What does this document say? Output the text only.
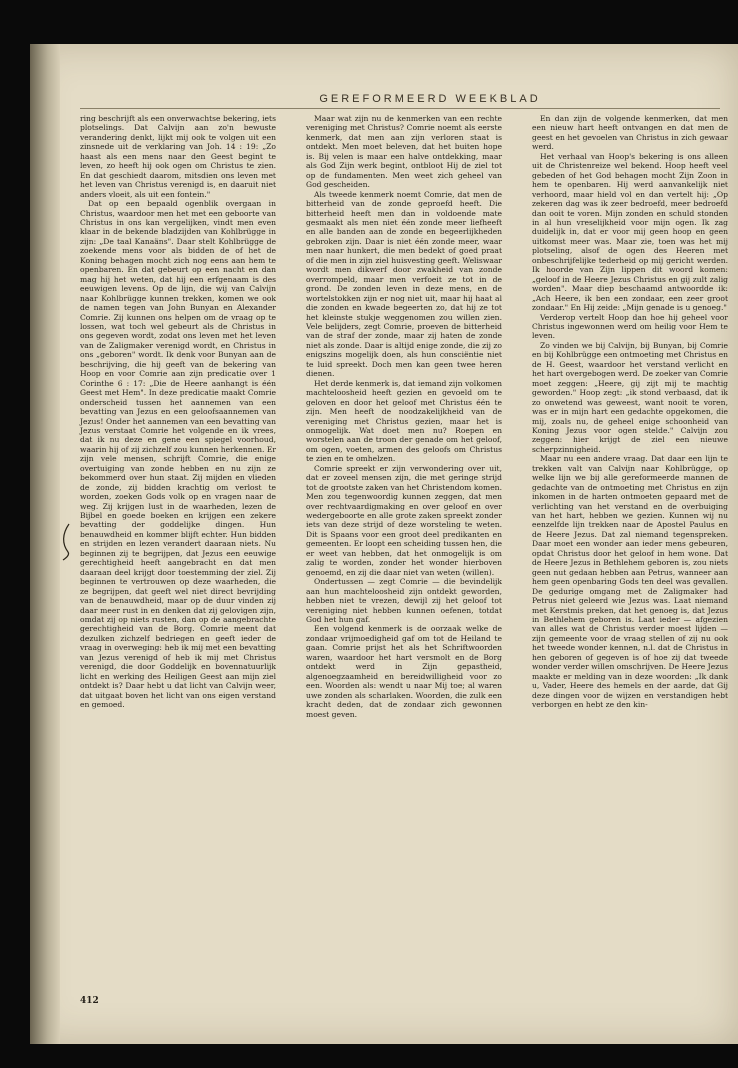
GEREFORMEERD WEEKBLAD

ring beschrijft als een onverwachtse bekering, iets plotselings. Dat Calvijn aan zo'n bewuste verandering denkt, lijkt mij ook te volgen uit een zinsnede uit de verklaring van Joh. 14 : 19: „Zo haast als een mens naar den Geest begint te leven, zo heeft hij ook ogen om Christus te zien. En dat geschiedt daarom, mitsdien ons leven met het leven van Christus verenigd is, en daaruit niet anders vloeit, als uit een fontein."

Dat op een bepaald ogenblik overgaan in Christus, waardoor men het met een geboorte van Christus in ons kan vergelijken, vindt men even klaar in de bekende bladzijden van Kohlbrügge in zijn: „De taal Kanaäns". Daar stelt Kohlbrügge de zoekende mens voor als bidden de of het de Koning behagen mocht zich nog eens aan hem te openbaren. En dat gebeurt op een nacht en dan mag hij het weten, dat hij een erfgenaam is des eeuwigen levens. Op de lijn, die wij van Calvijn naar Kohlbrügge kunnen trekken, komen we ook de namen tegen van John Bunyan en Alexander Comrie. Zij kunnen ons helpen om de vraag op te lossen, wat toch wel gebeurt als de Christus in ons gegeven wordt, zodat ons leven met het leven van de Zaligmaker verenigd wordt, en Christus in ons „geboren" wordt. Ik denk voor Bunyan aan de beschrijving, die hij geeft van de bekering van Hoop en voor Comrie aan zijn predicatie over 1 Corinthe 6 : 17: „Die de Heere aanhangt is één Geest met Hem". In deze predicatie maakt Comrie onderscheid tussen het aannemen van een bevatting van Jezus en een geloofsaannemen van Jezus! Onder het aannemen van een bevatting van Jezus verstaat Comrie het volgende en ik vrees, dat ik nu deze en gene een spiegel voorhoud, waarin hij of zij zichzelf zou kunnen herkennen. Er zijn vele mensen, schrijft Comrie, die enige overtuiging van zonde hebben en nu zijn ze bekommerd over hun staat. Zij mijden en vlieden de zonde, zij bidden krachtig om verlost te worden, zoeken Gods volk op en vragen naar de weg. Zij krijgen lust in de waarheden, lezen de Bijbel en goede boeken en krijgen een zekere bevatting der goddelijke dingen. Hun benauwdheid en kommer blijft echter. Hun bidden en strijden en lezen verandert daaraan niets. Nu beginnen zij te begrijpen, dat Jezus een eeuwige gerechtigheid heeft aangebracht en dat men daaraan deel krijgt door toestemming der ziel. Zij beginnen te vertrouwen op deze waarheden, die ze begrijpen, dat geeft wel niet direct bevrijding van de benauwdheid, maar op de duur vinden zij daar meer rust in en denken dat zij gelovigen zijn, omdat zij op niets rusten, dan op de aangebrachte gerechtigheid van de Borg. Comrie meent dat dezulken zichzelf bedriegen en geeft ieder de vraag in overweging: heb ik mij met een bevatting van Jezus verenigd of heb ik mij met Christus verenigd, die door Goddelijk en bovennatuurlijk licht en werking des Heiligen Geest aan mijn ziel ontdekt is? Daar hebt u dat licht van Calvijn weer, dat uitgaat boven het licht van ons eigen verstand en gemoed.

Maar wat zijn nu de kenmerken van een rechte vereniging met Christus? Comrie noemt als eerste kenmerk, dat men aan zijn verloren staat is ontdekt. Men moet beleven, dat het buiten hope is. Bij velen is maar een halve ontdekking, maar als God Zijn werk begint, ontbloot Hij de ziel tot op de fundamenten. Men weet zich geheel van God gescheiden.

Als tweede kenmerk noemt Comrie, dat men de bitterheid van de zonde geproefd heeft. Die bitterheid heeft men dan in voldoende mate gesmaakt als men niet één zonde meer liefheeft en alle banden aan de zonde en begeerlijkheden gebroken zijn. Daar is niet één zonde meer, waar men naar hunkert, die men bedekt of goed praat of die men in zijn ziel huisvesting geeft. Weliswaar wordt men dikwerf door zwakheid van zonde overrompeld, maar men verfoeit ze tot in de grond. De zonden leven in deze mens, en de wortelstokken zijn er nog niet uit, maar hij haat al die zonden en kwade begeerten zo, dat hij ze tot het kleinste stukje weggenomen zou willen zien. Vele belijders, zegt Comrie, proeven de bitterheid van de straf der zonde, maar zij haten de zonde niet als zonde. Daar is altijd enige zonde, die zij zo enigszins mogelijk doen, als hun consciëntie niet te luid spreekt. Doch men kan geen twee heren dienen.

Het derde kenmerk is, dat iemand zijn volkomen machteloosheid heeft gezien en gevoeld om te geloven en door het geloof met Christus één te zijn. Men heeft de noodzakelijkheid van de vereniging met Christus gezien, maar het is onmogelijk. Wat doet men nu? Roepen en worstelen aan de troon der genade om het geloof, om ogen, voeten, armen des geloofs om Christus te zien en te omhelzen.

Comrie spreekt er zijn verwondering over uit, dat er zoveel mensen zijn, die met geringe strijd tot de grootste zaken van het Christendom komen. Men zou tegenwoordig kunnen zeggen, dat men over rechtvaardigmaking en over geloof en over wedergeboorte en alle grote zaken spreekt zonder iets van deze strijd of deze worsteling te weten. Dit is Spaans voor een groot deel predikanten en gemeenten. Er loopt een scheiding tussen hen, die er weet van hebben, dat het onmogelijk is om zalig te worden, zonder het wonder hierboven genoemd, en zij die daar niet van weten (willen).

Ondertussen — zegt Comrie — die bevindelijk aan hun machteloosheid zijn ontdekt geworden, hebben niet te vrezen, dewijl zij het geloof tot vereniging niet hebben kunnen oefenen, totdat God het hun gaf.

Een volgend kenmerk is de oorzaak welke de zondaar vrijmoedigheid gaf om tot de Heiland te gaan. Comrie prijst het als het Schriftwoorden waren, waardoor het hart versmolt en de Borg ontdekt werd in Zijn gepastheid, algenoegzaamheid en bereidwilligheid voor zo een. Woorden als: wendt u naar Mij toe; al waren uwe zonden als scharlaken. Woorden, die zulk een kracht deden, dat de zondaar zich gewonnen moest geven.

En dan zijn de volgende kenmerken, dat men een nieuw hart heeft ontvangen en dat men de geest en het gevoelen van Christus in zich gewaar werd.

Het verhaal van Hoop's bekering is ons alleen uit de Christenreize wel bekend. Hoop heeft veel gebeden of het God behagen mocht Zijn Zoon in hem te openbaren. Hij werd aanvankelijk niet verhoord, maar hield vol en dan vertelt hij: „Op zekeren dag was ik zeer bedroefd, meer bedroefd dan ooit te voren. Mijn zonden en schuld stonden in al hun vreselijkheid voor mijn ogen. Ik zag duidelijk in, dat er voor mij geen hoop en geen uitkomst meer was. Maar zie, toen was het mij plotseling, alsof de ogen des Heeren met onbeschrijfelijke tederheid op mij gericht werden. Ik hoorde van Zijn lippen dit woord komen: „geloof in de Heere Jezus Christus en gij zult zalig worden". Maar diep beschaamd antwoordde ik: „Ach Heere, ik ben een zondaar, een zeer groot zondaar." En Hij zeide: „Mijn genade is u genoeg."

Verderop vertelt Hoop dan hoe hij geheel voor Christus ingewonnen werd om heilig voor Hem te leven.

Zo vinden we bij Calvijn, bij Bunyan, bij Comrie en bij Kohlbrügge een ontmoeting met Christus en de H. Geest, waardoor het verstand verlicht en het hart overgebogen werd. De zoeker van Comrie moet zeggen: „Heere, gij zijt mij te machtig geworden." Hoop zegt: „ik stond verbaasd, dat ik zo onwetend was geweest, want nooit te voren, was er in mijn hart een gedachte opgekomen, die mij, zoals nu, de geheel enige schoonheid van Koning Jezus voor ogen stelde." Calvijn zou zeggen: hier krijgt de ziel een nieuwe scherpzinnigheid.

Maar nu een andere vraag. Dat daar een lijn te trekken valt van Calvijn naar Kohlbrügge, op welke lijn we bij alle gereformeerde mannen de gedachte van de ontmoeting met Christus en zijn inkomen in de harten ontmoeten gepaard met de verlichting van het verstand en de overbuiging van het hart, hebben we gezien. Kunnen wij nu eenzelfde lijn trekken naar de Apostel Paulus en de Heere Jezus. Dat zal niemand tegenspreken. Daar moet een wonder aan ieder mens gebeuren, opdat Christus door het geloof in hem wone. Dat de Heere Jezus in Bethlehem geboren is, zou niets geen nut gedaan hebben aan Petrus, wanneer aan hem geen openbaring Gods ten deel was gevallen. De gedurige omgang met de Zaligmaker had Petrus niet geleerd wie Jezus was. Laat niemand met Kerstmis preken, dat het genoeg is, dat Jezus in Bethlehem geboren is. Laat ieder — afgezien van alles wat de Christus verder moest lijden — zijn gemeente voor de vraag stellen of zij nu ook het tweede wonder kennen, n.l. dat de Christus in hen geboren of gegeven is of hoe zij dat tweede wonder verder willen omschrijven. De Heere Jezus maakte er melding van in deze woorden: „Ik dank u, Vader, Heere des hemels en der aarde, dat Gij deze dingen voor de wijzen en verstandigen hebt verborgen en hebt ze den kin-

412
